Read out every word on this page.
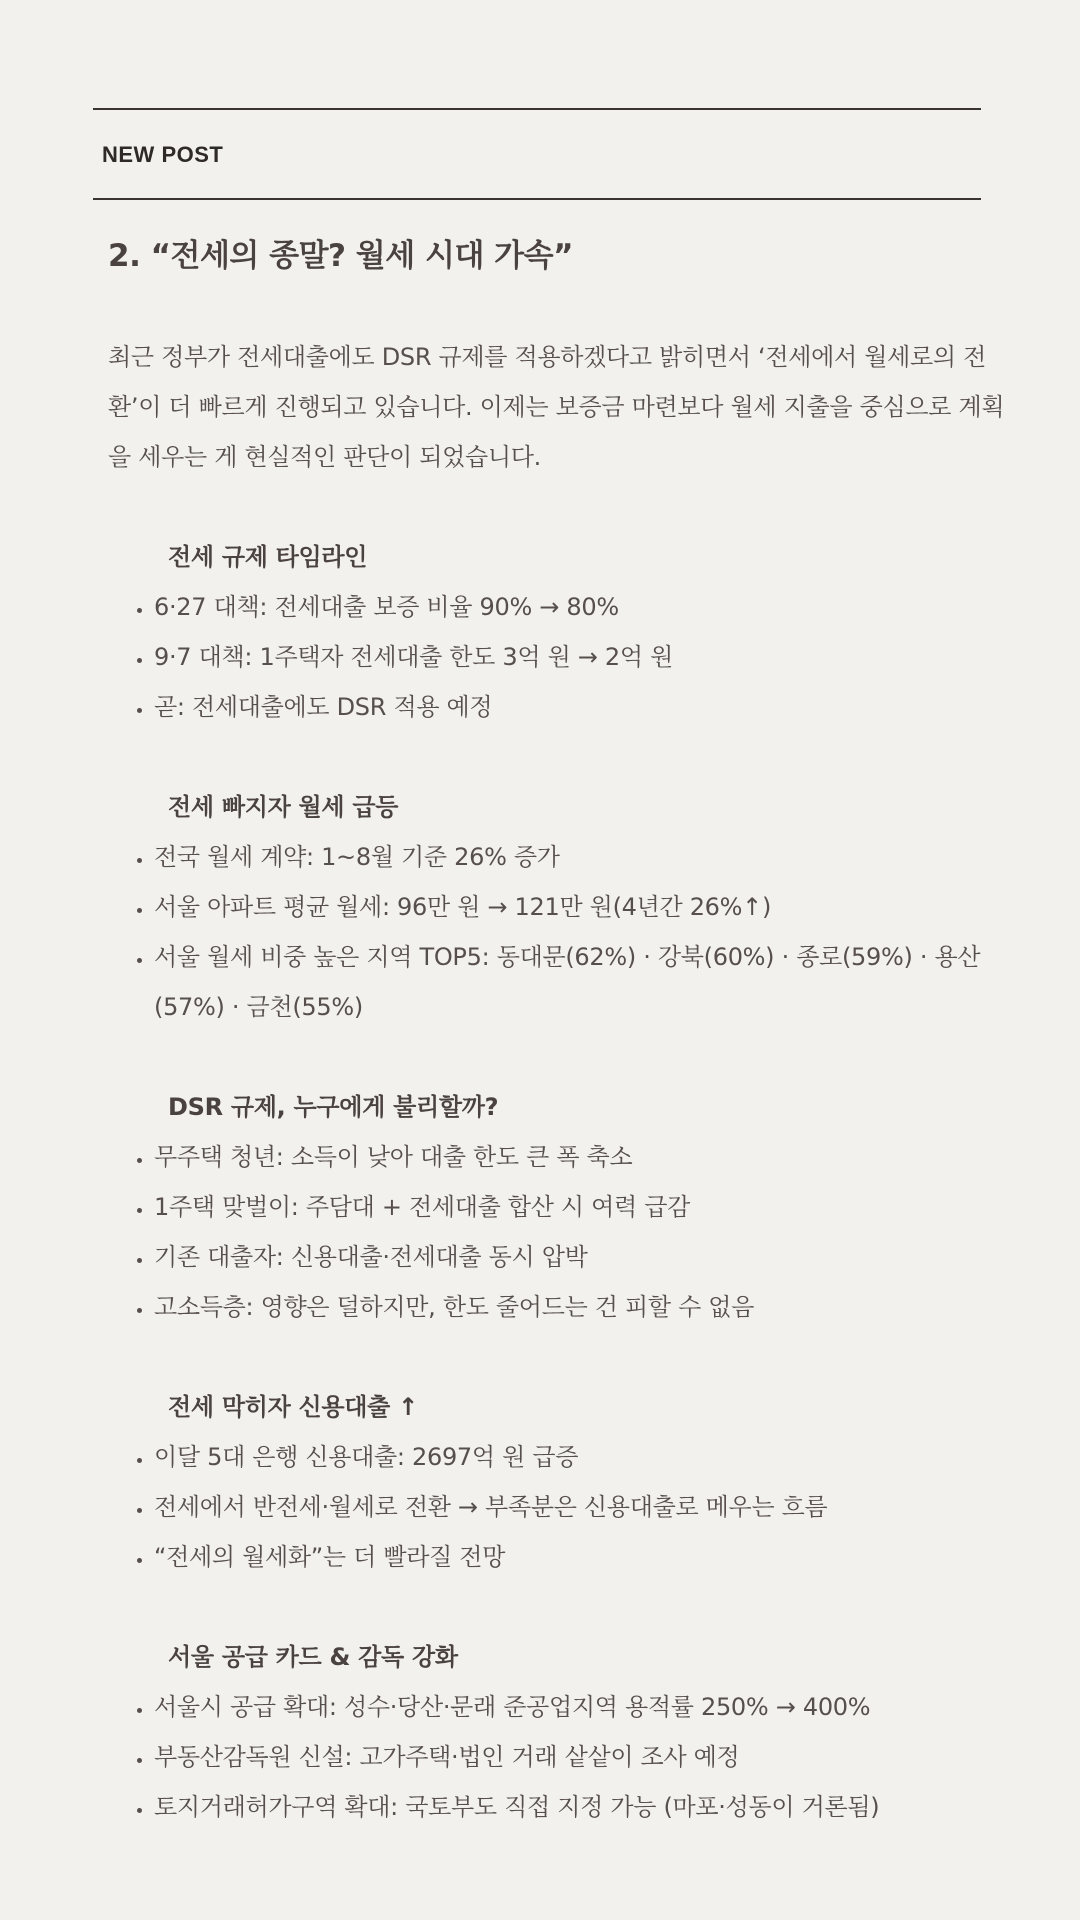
NEW POST
2. “전세의 종말? 월세 시대 가속”

최근 정부가 전세대출에도 DSR 규제를 적용하겠다고 밝히면서 ‘전세에서 월세로의 전환’이 더 빠르게 진행되고 있습니다. 이제는 보증금 마련보다 월세 지출을 중심으로 계획을 세우는 게 현실적인 판단이 되었습니다.

전세 규제 타임라인
• 6·27 대책: 전세대출 보증 비율 90% → 80%
• 9·7 대책: 1주택자 전세대출 한도 3억 원 → 2억 원
• 곧: 전세대출에도 DSR 적용 예정
전세 빠지자 월세 급등
• 전국 월세 계약: 1~8월 기준 26% 증가
• 서울 아파트 평균 월세: 96만 원 → 121만 원(4년간 26%↑)
• 서울 월세 비중 높은 지역 TOP5: 동대문(62%) · 강북(60%) · 종로(59%) · 용산(57%) · 금천(55%)
DSR 규제, 누구에게 불리할까?
• 무주택 청년: 소득이 낮아 대출 한도 큰 폭 축소
• 1주택 맞벌이: 주담대 + 전세대출 합산 시 여력 급감
• 기존 대출자: 신용대출·전세대출 동시 압박
• 고소득층: 영향은 덜하지만, 한도 줄어드는 건 피할 수 없음
전세 막히자 신용대출 ↑
• 이달 5대 은행 신용대출: 2697억 원 급증
• 전세에서 반전세·월세로 전환 → 부족분은 신용대출로 메우는 흐름
• “전세의 월세화”는 더 빨라질 전망
서울 공급 카드 & 감독 강화
• 서울시 공급 확대: 성수·당산·문래 준공업지역 용적률 250% → 400%
• 부동산감독원 신설: 고가주택·법인 거래 샅샅이 조사 예정
• 토지거래허가구역 확대: 국토부도 직접 지정 가능 (마포·성동이 거론됨)
